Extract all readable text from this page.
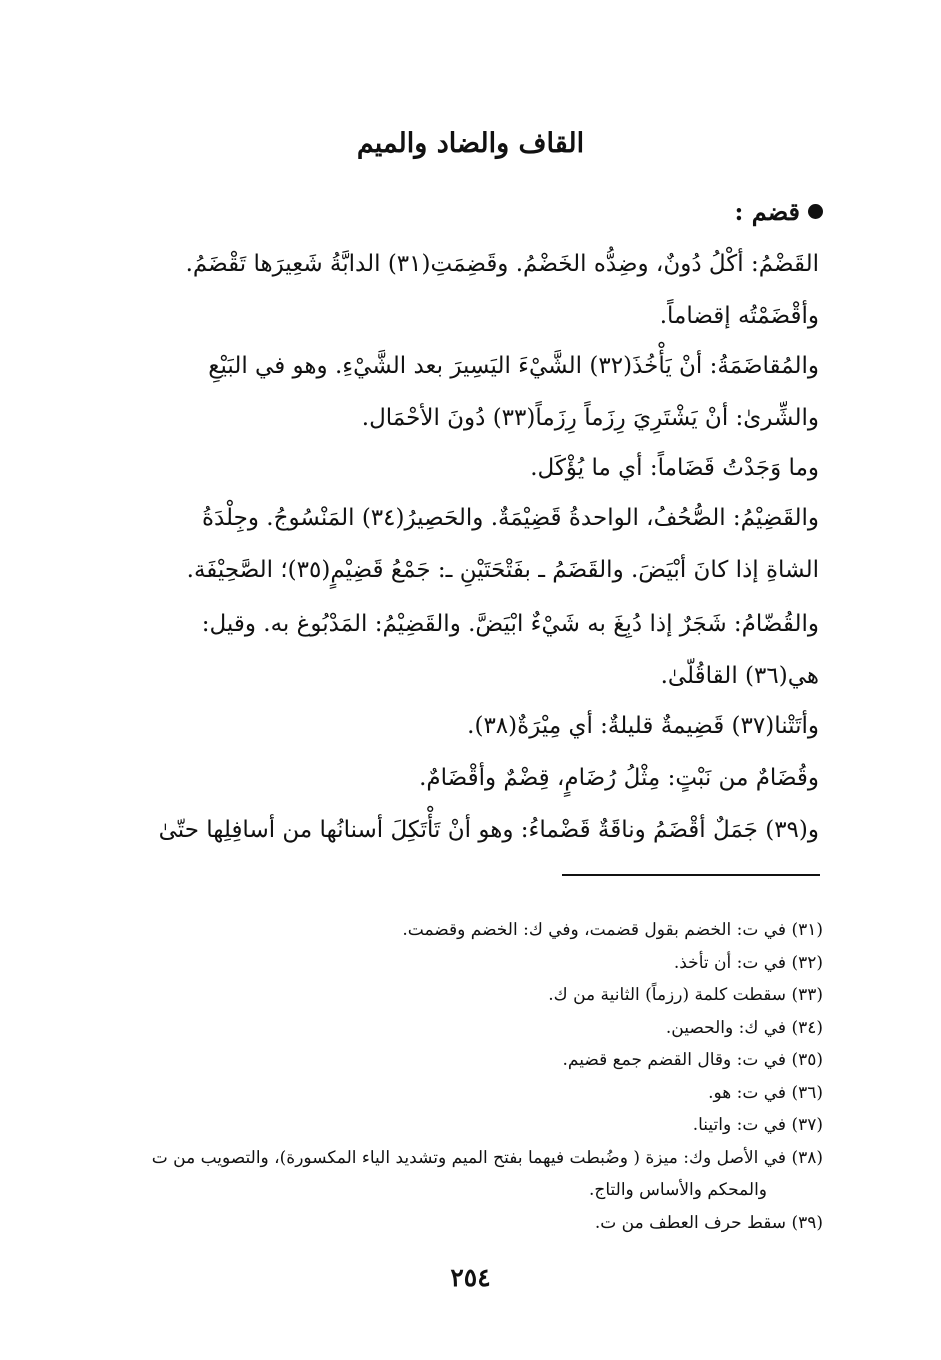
القاف والضاد والميم
قضم :

القَضْمُ: أكْلُ دُونٌ، وضِدُّه الخَضْمُ. وقَضِمَتِ(٣١) الدابَّةُ شَعِيرَها تَقْضَمُ.

وأقْضَمْتُه إقضاماً.

والمُقاضَمَةُ: أنْ يَأْخُذَ(٣٢) الشَّيْءَ اليَسِيرَ بعد الشَّيْءِ. وهو في البَيْعِ

والشِّرىٰ: أنْ يَشْتَرِيَ رِزَماً رِزَماً(٣٣) دُونَ الأحْمَال.

وما وَجَدْتُ قَضَاماً: أي ما يُؤْكَل.

والقَضِيْمُ: الصُّحُفُ، الواحدةُ قَضِيْمَةٌ. والحَصِيرُ(٣٤) المَنْسُوجُ. وجِلْدَةُ

الشاةِ إذا كانَ أبْيَضَ. والقَضَمُ ـ بفَتْحَتَيْنِ ـ: جَمْعُ قَضِيْمٍ(٣٥)؛ الصَّحِيْفَة.

والقُضّامُ: شَجَرٌ إذا دُبِغَ به شَيْءٌ ابْيَضَّ. والقَضِيْمُ: المَدْبُوغ به. وقيل:

هي(٣٦) القاقُلّىٰ.

وأتَتْنا(٣٧) قَضِيمةٌ قليلةٌ: أي مِيْرَةٌ(٣٨).

وقُضَامٌ من نَبْتٍ: مِثْلُ رُضَامٍ، قِضْمٌ وأقْضَامٌ.

و(٣٩) جَمَلٌ أقْضَمُ وناقَةٌ قَضْماءُ: وهو أنْ تَأْتَكِلَ أسنانُها من أسافِلِها حتّىٰ

(٣١) في ت: الخضم بقول قضمت، وفي ك: الخضم وقضمت.

(٣٢) في ت: أن تأخذ.

(٣٣) سقطت كلمة (رزماً) الثانية من ك.

(٣٤) في ك: والحصين.

(٣٥) في ت: وقال القضم جمع قضيم.

(٣٦) في ت: هو.

(٣٧) في ت: واتينا.

(٣٨) في الأصل وك: ميزة ( وضُبطت فيهما بفتح الميم وتشديد الياء المكسورة)، والتصويب من ت

والمحكم والأساس والتاج.

(٣٩) سقط حرف العطف من ت.

٢٥٤
